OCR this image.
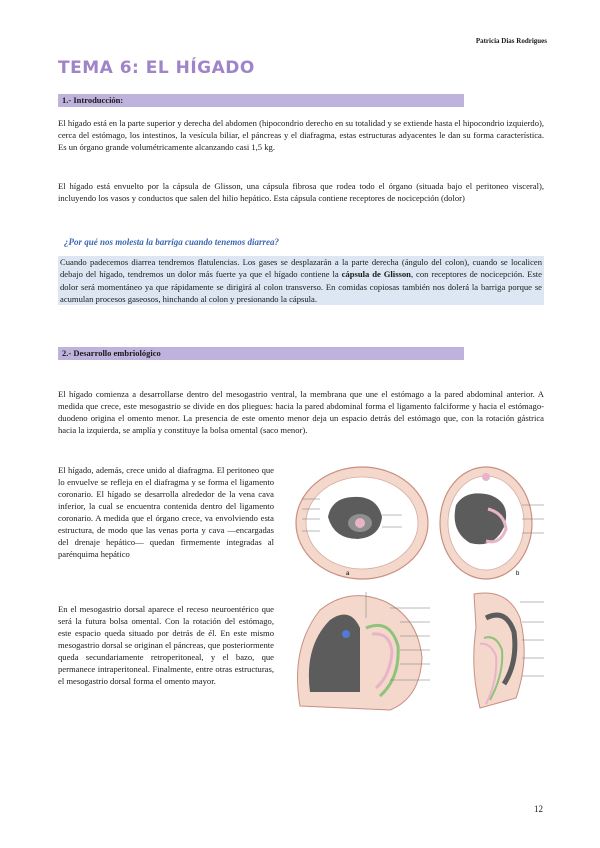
Patricia Dias Rodrigues
TEMA 6: EL HÍGADO
1.- Introducción:

El hígado está en la parte superior y derecha del abdomen (hipocondrio derecho en su totalidad y se extiende hasta el hipocondrio izquierdo), cerca del estómago, los intestinos, la vesícula biliar, el páncreas y el diafragma, estas estructuras adyacentes le dan su forma característica. Es un órgano grande volumétricamente alcanzando casi 1,5 kg.

El hígado está envuelto por la cápsula de Glisson, una cápsula fibrosa que rodea todo el órgano (situada bajo el peritoneo visceral), incluyendo los vasos y conductos que salen del hilio hepático. Esta cápsula contiene receptores de nocicepción (dolor)

¿Por qué nos molesta la barriga cuando tenemos diarrea?
Cuando padecemos diarrea tendremos flatulencias. Los gases se desplazarán a la parte derecha (ángulo del colon), cuando se localicen debajo del hígado, tendremos un dolor más fuerte ya que el hígado contiene la cápsula de Glisson, con receptores de nocicepción. Este dolor será momentáneo ya que rápidamente se dirigirá al colon transverso. En comidas copiosas también nos dolerá la barriga porque se acumulan procesos gaseosos, hinchando al colon y presionando la cápsula.
2.- Desarrollo embriológico

El hígado comienza a desarrollarse dentro del mesogastrio ventral, la membrana que une el estómago a la pared abdominal anterior. A medida que crece, este mesogastrio se divide en dos pliegues: hacia la pared abdominal forma el ligamento falciforme y hacia el estómago-duodeno origina el omento menor. La presencia de este omento menor deja un espacio detrás del estómago que, con la rotación gástrica hacia la izquierda, se amplía y constituye la bolsa omental (saco menor).

El hígado, además, crece unido al diafragma. El peritoneo que lo envuelve se refleja en el diafragma y se forma el ligamento coronario. El hígado se desarrolla alrededor de la vena cava inferior, la cual se encuentra contenida dentro del ligamento coronario. A medida que el órgano crece, va envolviendo esta estructura, de modo que las venas porta y cava —encargadas del drenaje hepático— quedan firmemente integradas al parénquima hepático

En el mesogastrio dorsal aparece el receso neuroentérico que será la futura bolsa omental. Con la rotación del estómago, este espacio queda situado por detrás de él. En este mismo mesogastrio dorsal se originan el páncreas, que posteriormente queda secundariamente retroperitoneal, y el bazo, que permanece intraperitoneal. Finalmente, entre otras estructuras, el mesogastrio dorsal forma el omento mayor.

a	b
12
